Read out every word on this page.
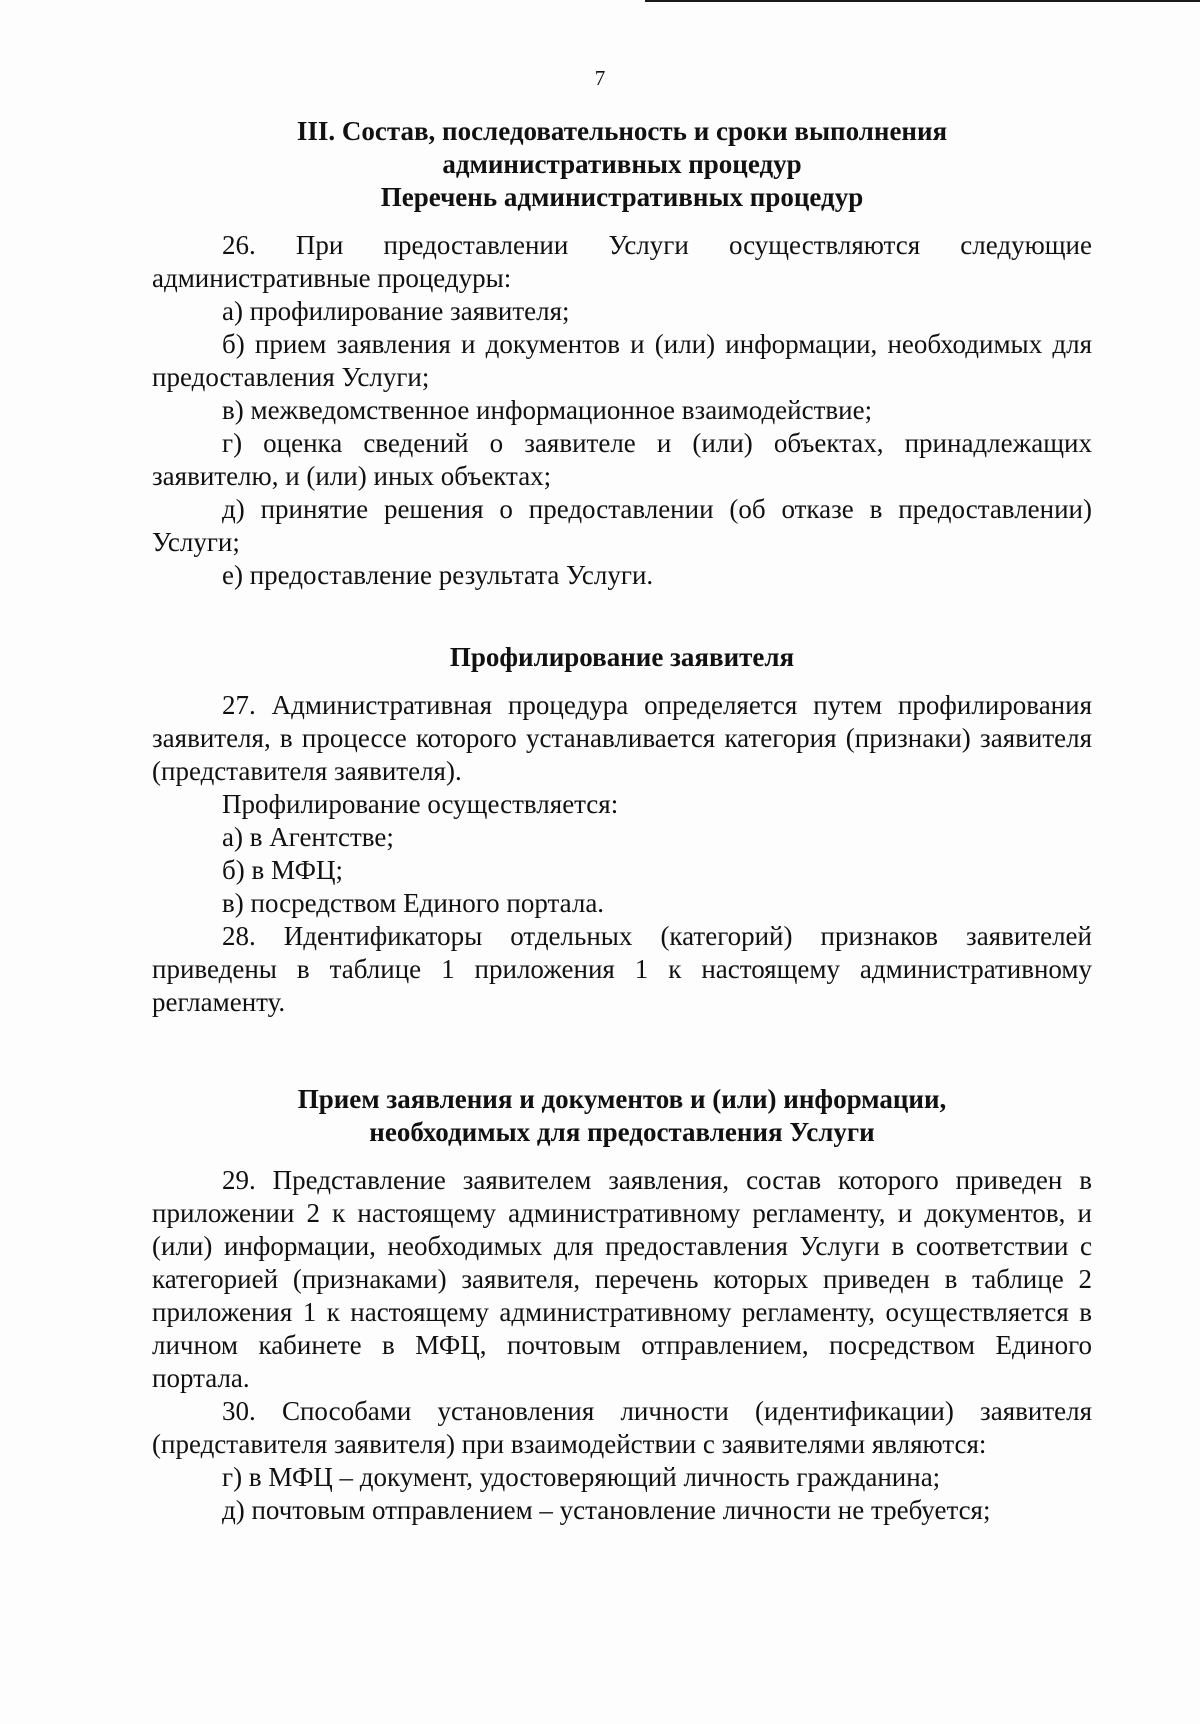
7
III. Состав, последовательность и сроки выполнения
административных процедур
Перечень административных процедур

26. При предоставлении Услуги осуществляются следующие административные процедуры:

а) профилирование заявителя;

б) прием заявления и документов и (или) информации, необходимых для предоставления Услуги;

в) межведомственное информационное взаимодействие;

г) оценка сведений о заявителе и (или) объектах, принадлежащих заявителю, и (или) иных объектах;

д) принятие решения о предоставлении (об отказе в предоставлении) Услуги;

е) предоставление результата Услуги.

Профилирование заявителя

27. Административная процедура определяется путем профилирования заявителя, в процессе которого устанавливается категория (признаки) заявителя (представителя заявителя).

Профилирование осуществляется:

а) в Агентстве;

б) в МФЦ;

в) посредством Единого портала.

28. Идентификаторы отдельных (категорий) признаков заявителей приведены в таблице 1 приложения 1 к настоящему административному регламенту.

Прием заявления и документов и (или) информации,
необходимых для предоставления Услуги

29. Представление заявителем заявления, состав которого приведен в приложении 2 к настоящему административному регламенту, и документов, и (или) информации, необходимых для предоставления Услуги в соответствии с категорией (признаками) заявителя, перечень которых приведен в таблице 2 приложения 1 к настоящему административному регламенту, осуществляется в личном кабинете в МФЦ, почтовым отправлением, посредством Единого портала.

30. Способами установления личности (идентификации) заявителя (представителя заявителя) при взаимодействии с заявителями являются:

г) в МФЦ – документ, удостоверяющий личность гражданина;

д) почтовым отправлением – установление личности не требуется;
